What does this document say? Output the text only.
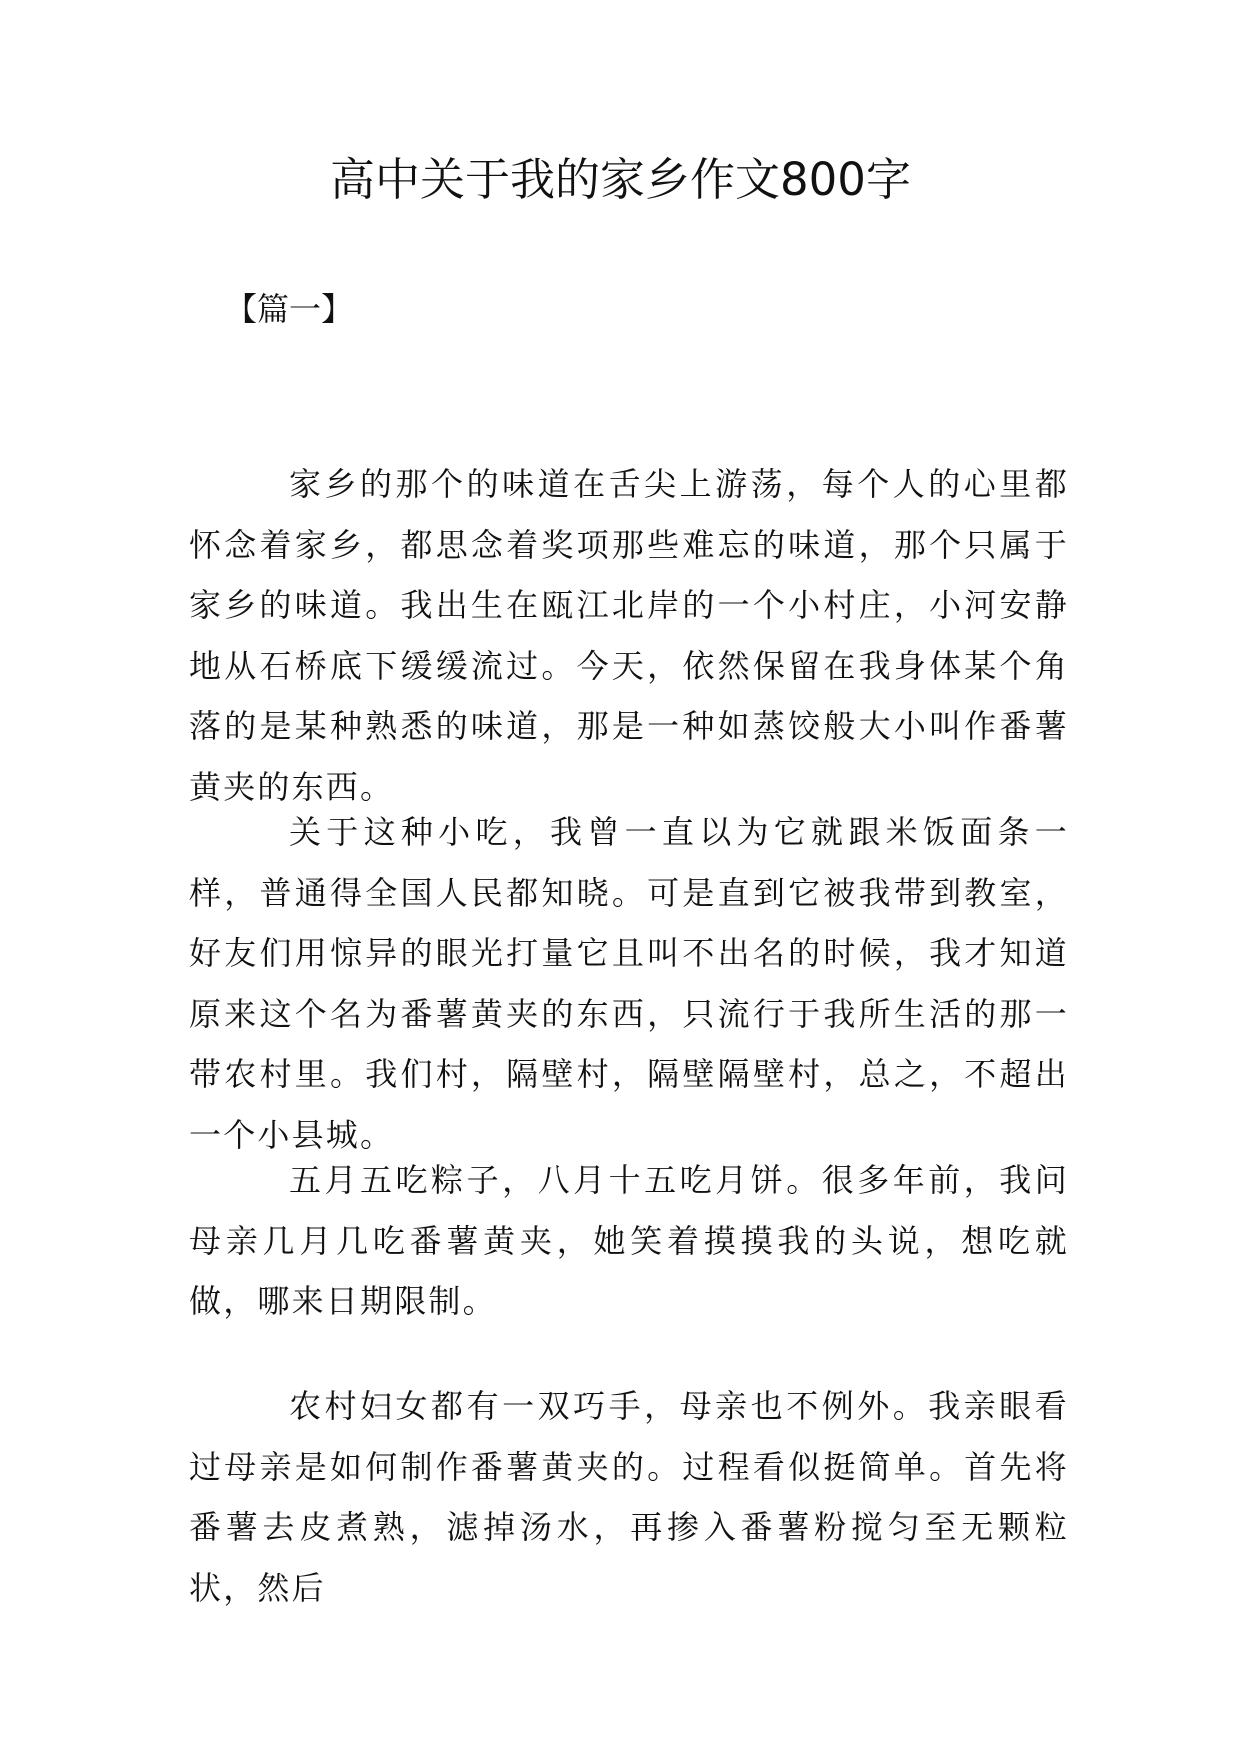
高中关于我的家乡作文800字
【篇一】

家乡的那个的味道在舌尖上游荡，每个人的心里都怀念着家乡，都思念着奖项那些难忘的味道，那个只属于家乡的味道。我出生在瓯江北岸的一个小村庄，小河安静地从石桥底下缓缓流过。今天，依然保留在我身体某个角落的是某种熟悉的味道，那是一种如蒸饺般大小叫作番薯黄夹的东西。

关于这种小吃，我曾一直以为它就跟米饭面条一样，普通得全国人民都知晓。可是直到它被我带到教室，好友们用惊异的眼光打量它且叫不出名的时候，我才知道原来这个名为番薯黄夹的东西，只流行于我所生活的那一带农村里。我们村，隔壁村，隔壁隔壁村，总之，不超出一个小县城。

五月五吃粽子，八月十五吃月饼。很多年前，我问母亲几月几吃番薯黄夹，她笑着摸摸我的头说，想吃就做，哪来日期限制。

农村妇女都有一双巧手，母亲也不例外。我亲眼看过母亲是如何制作番薯黄夹的。过程看似挺简单。首先将番薯去皮煮熟，滤掉汤水，再掺入番薯粉搅匀至无颗粒状，然后
